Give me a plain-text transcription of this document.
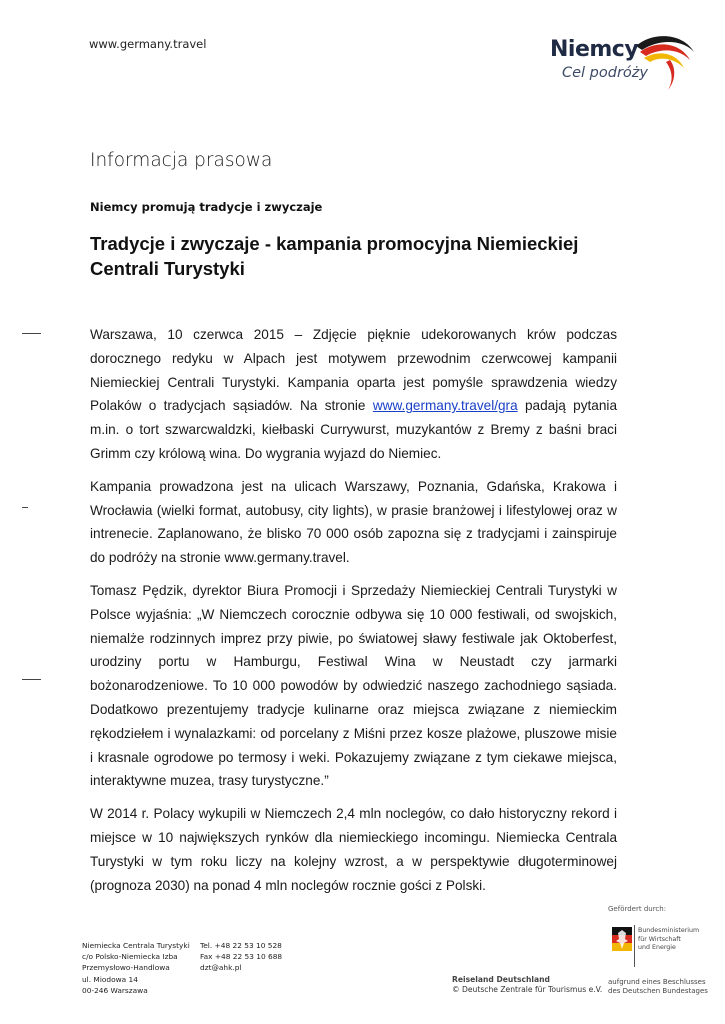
www.germany.travel	Niemcy
Cel podróży
Informacja prasowa
Niemcy promują tradycje i zwyczaje
Tradycje i zwyczaje - kampania promocyjna Niemieckiej Centrali Turystyki

Warszawa, 10 czerwca 2015 – Zdjęcie pięknie udekorowanych krów podczas dorocznego redyku w Alpach jest motywem przewodnim czerwcowej kampanii Niemieckiej Centrali Turystyki. Kampania oparta jest pomyśle sprawdzenia wiedzy Polaków o tradycjach sąsiadów. Na stronie www.germany.travel/gra padają pytania m.in. o tort szwarcwaldzki, kiełbaski Currywurst, muzykantów z Bremy z baśni braci Grimm czy królową wina. Do wygrania wyjazd do Niemiec.

Kampania prowadzona jest na ulicach Warszawy, Poznania, Gdańska, Krakowa i Wrocławia (wielki format, autobusy, city lights), w prasie branżowej i lifestylowej oraz w intrenecie. Zaplanowano, że blisko 70 000 osób zapozna się z tradycjami i zainspiruje do podróży na stronie www.germany.travel.

Tomasz Pędzik, dyrektor Biura Promocji i Sprzedaży Niemieckiej Centrali Turystyki w Polsce wyjaśnia: „W Niemczech corocznie odbywa się 10 000 festiwali, od swojskich, niemalże rodzinnych imprez przy piwie, po światowej sławy festiwale jak Oktoberfest, urodziny portu w Hamburgu, Festiwal Wina w Neustadt czy jarmarki bożonarodzeniowe. To 10 000 powodów by odwiedzić naszego zachodniego sąsiada. Dodatkowo prezentujemy tradycje kulinarne oraz miejsca związane z niemieckim rękodziełem i wynalazkami: od porcelany z Miśni przez kosze plażowe, pluszowe misie i krasnale ogrodowe po termosy i weki. Pokazujemy związane z tym ciekawe miejsca, interaktywne muzea, trasy turystyczne.”

W 2014 r. Polacy wykupili w Niemczech 2,4 mln noclegów, co dało historyczny rekord i miejsce w 10 największych rynków dla niemieckiego incomingu. Niemiecka Centrala Turystyki w tym roku liczy na kolejny wzrost, a w perspektywie długoterminowej (prognoza 2030) na ponad 4 mln noclegów rocznie gości z Polski.

Niemiecka Centrala Turystyki
c/o Polsko-Niemiecka Izba
Przemysłowo-Handlowa
ul. Miodowa 14
00-246 Warszawa
Tel. +48 22 53 10 528
Fax +48 22 53 10 688
dzt@ahk.pl
Reiseland Deutschland
© Deutsche Zentrale für Tourismus e.V.
Gefördert durch:
Bundesministerium
für Wirtschaft
und Energie
aufgrund eines Beschlusses
des Deutschen Bundestages
